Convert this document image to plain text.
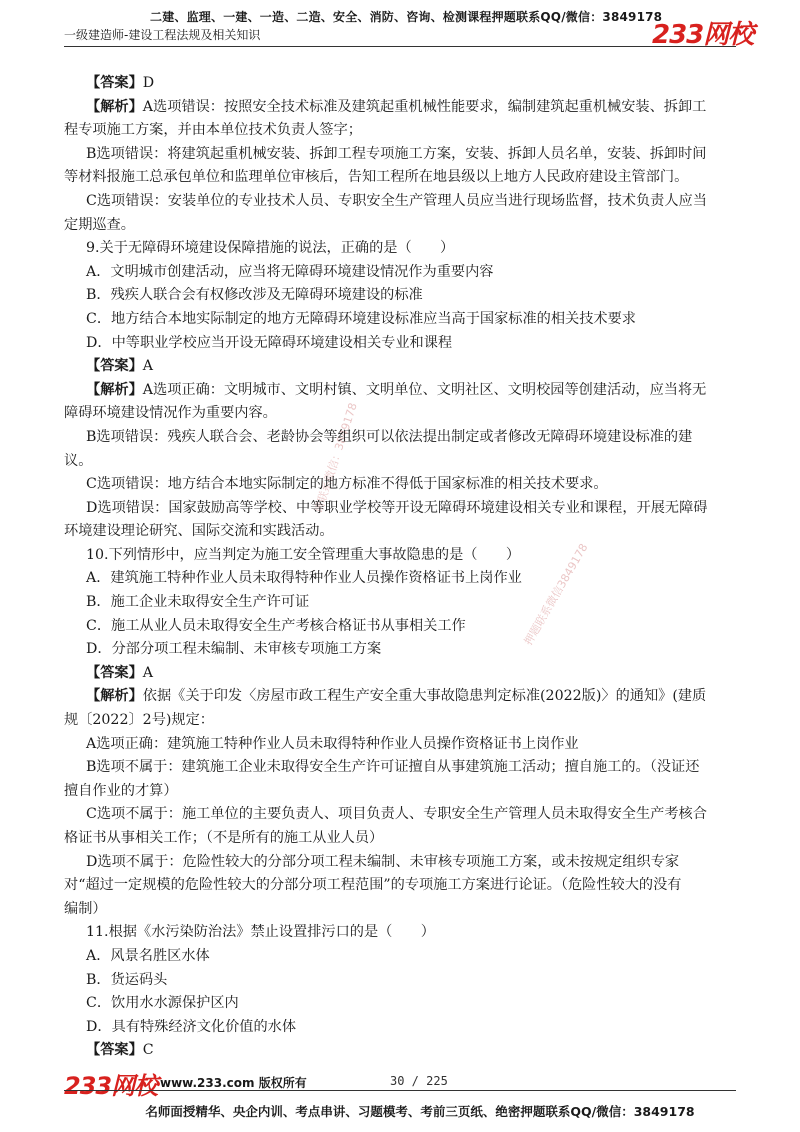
二建、监理、一建、一造、二造、安全、消防、咨询、检测课程押题联系QQ/微信：3849178
一级建造师-建设工程法规及相关知识	233网校
押题联系微信3849178
请联系微信：3849178

【答案】D

【解析】A选项错误：按照安全技术标准及建筑起重机械性能要求，编制建筑起重机械安装、拆卸工

程专项施工方案，并由本单位技术负责人签字；

B选项错误：将建筑起重机械安装、拆卸工程专项施工方案，安装、拆卸人员名单，安装、拆卸时间

等材料报施工总承包单位和监理单位审核后，告知工程所在地县级以上地方人民政府建设主管部门。

C选项错误：安装单位的专业技术人员、专职安全生产管理人员应当进行现场监督，技术负责人应当

定期巡查。

9.关于无障碍环境建设保障措施的说法，正确的是（　　）

A．文明城市创建活动，应当将无障碍环境建设情况作为重要内容

B．残疾人联合会有权修改涉及无障碍环境建设的标准

C．地方结合本地实际制定的地方无障碍环境建设标准应当高于国家标准的相关技术要求

D．中等职业学校应当开设无障碍环境建设相关专业和课程

【答案】A

【解析】A选项正确：文明城市、文明村镇、文明单位、文明社区、文明校园等创建活动，应当将无

障碍环境建设情况作为重要内容。

B选项错误：残疾人联合会、老龄协会等组织可以依法提出制定或者修改无障碍环境建设标准的建

议。

C选项错误：地方结合本地实际制定的地方标准不得低于国家标准的相关技术要求。

D选项错误：国家鼓励高等学校、中等职业学校等开设无障碍环境建设相关专业和课程，开展无障碍

环境建设理论研究、国际交流和实践活动。

10.下列情形中，应当判定为施工安全管理重大事故隐患的是（　　）

A．建筑施工特种作业人员未取得特种作业人员操作资格证书上岗作业

B．施工企业未取得安全生产许可证

C．施工从业人员未取得安全生产考核合格证书从事相关工作

D．分部分项工程未编制、未审核专项施工方案

【答案】A

【解析】依据《关于印发〈房屋市政工程生产安全重大事故隐患判定标准(2022版)〉的通知》(建质

规〔2022〕2号)规定：

A选项正确：建筑施工特种作业人员未取得特种作业人员操作资格证书上岗作业

B选项不属于：建筑施工企业未取得安全生产许可证擅自从事建筑施工活动；擅自施工的。（没证还

擅自作业的才算）

C选项不属于：施工单位的主要负责人、项目负责人、专职安全生产管理人员未取得安全生产考核合

格证书从事相关工作；（不是所有的施工从业人员）

D选项不属于：危险性较大的分部分项工程未编制、未审核专项施工方案，或未按规定组织专家

对“超过一定规模的危险性较大的分部分项工程范围”的专项施工方案进行论证。（危险性较大的没有

编制）

11.根据《水污染防治法》禁止设置排污口的是（　　）

A．风景名胜区水体

B．货运码头

C．饮用水水源保护区内

D．具有特殊经济文化价值的水体

【答案】C

233网校 www.233.com 版权所有	30 / 225
名师面授精华、央企内训、考点串讲、习题模考、考前三页纸、绝密押题联系QQ/微信：3849178
